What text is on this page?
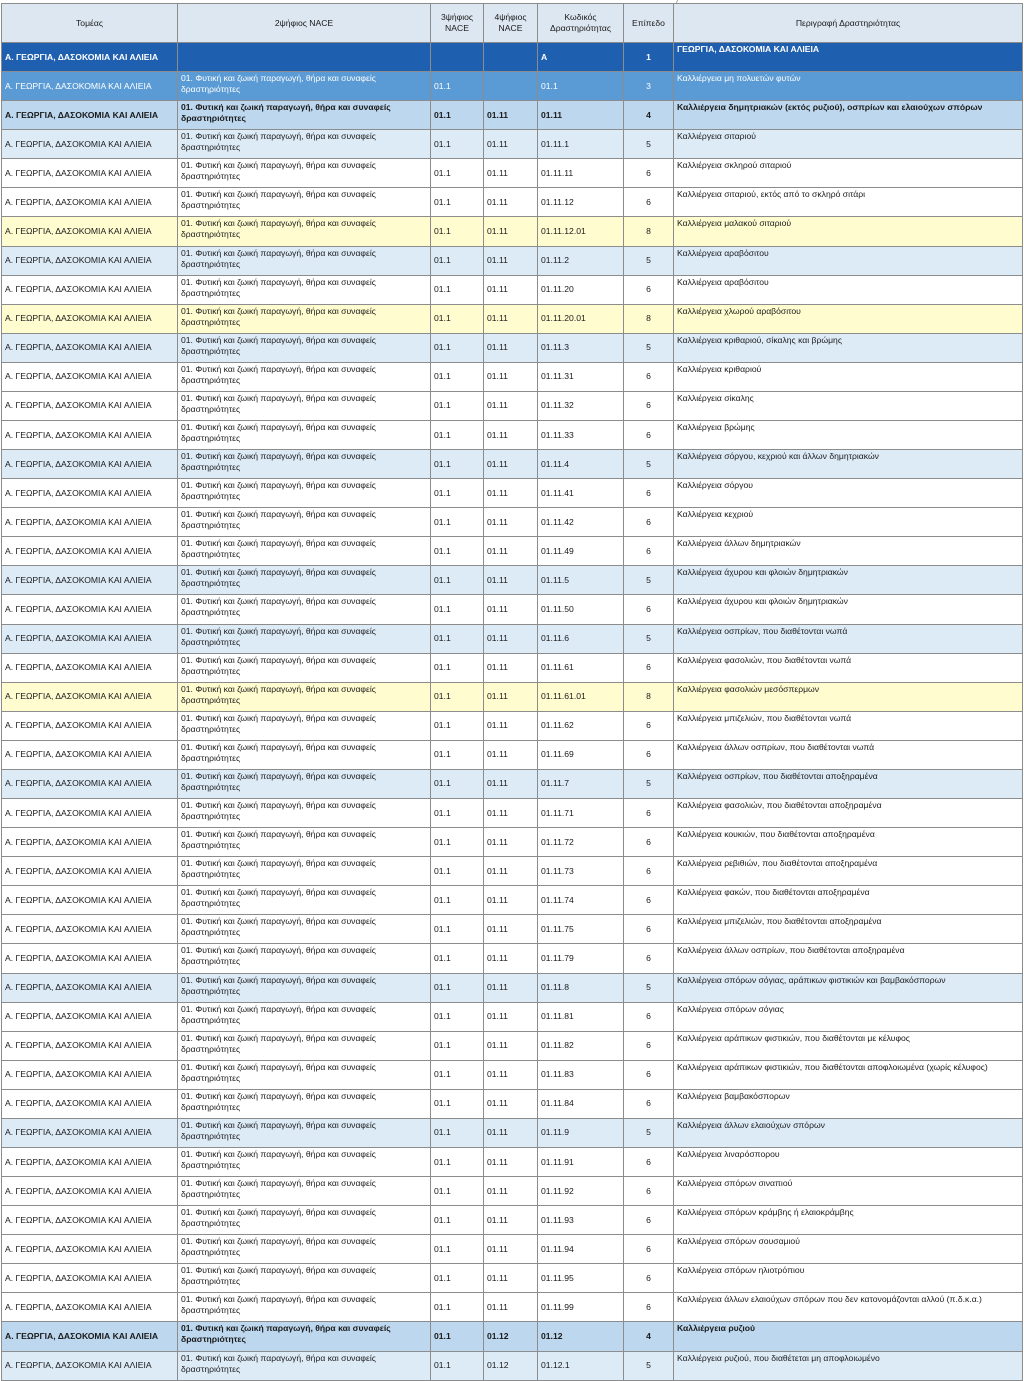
Τομέας	2ψήφιος NACE	3ψήφιος NACE	4ψήφιος NACE	Κωδικός Δραστηριότητας	Επίπεδο	Περιγραφή Δραστηριότητας
Α. ΓΕΩΡΓΙΑ, ΔΑΣΟΚΟΜΙΑ ΚΑΙ ΑΛΙΕΙΑ				A	1	ΓΕΩΡΓΙΑ, ΔΑΣΟΚΟΜΙΑ ΚΑΙ ΑΛΙΕΙΑ
Α. ΓΕΩΡΓΙΑ, ΔΑΣΟΚΟΜΙΑ ΚΑΙ ΑΛΙΕΙΑ	01. Φυτική και ζωική παραγωγή, θήρα και συναφείς δραστηριότητες	01.1		01.1	3	Καλλιέργεια μη πολυετών φυτών
Α. ΓΕΩΡΓΙΑ, ΔΑΣΟΚΟΜΙΑ ΚΑΙ ΑΛΙΕΙΑ	01. Φυτική και ζωική παραγωγή, θήρα και συναφείς δραστηριότητες	01.1	01.11	01.11	4	Καλλιέργεια δημητριακών (εκτός ρυζιού), οσπρίων και ελαιούχων σπόρων
Α. ΓΕΩΡΓΙΑ, ΔΑΣΟΚΟΜΙΑ ΚΑΙ ΑΛΙΕΙΑ	01. Φυτική και ζωική παραγωγή, θήρα και συναφείς δραστηριότητες	01.1	01.11	01.11.1	5	Καλλιέργεια σιταριού
Α. ΓΕΩΡΓΙΑ, ΔΑΣΟΚΟΜΙΑ ΚΑΙ ΑΛΙΕΙΑ	01. Φυτική και ζωική παραγωγή, θήρα και συναφείς δραστηριότητες	01.1	01.11	01.11.11	6	Καλλιέργεια σκληρού σιταριού
Α. ΓΕΩΡΓΙΑ, ΔΑΣΟΚΟΜΙΑ ΚΑΙ ΑΛΙΕΙΑ	01. Φυτική και ζωική παραγωγή, θήρα και συναφείς δραστηριότητες	01.1	01.11	01.11.12	6	Καλλιέργεια σιταριού, εκτός από το σκληρό σιτάρι
Α. ΓΕΩΡΓΙΑ, ΔΑΣΟΚΟΜΙΑ ΚΑΙ ΑΛΙΕΙΑ	01. Φυτική και ζωική παραγωγή, θήρα και συναφείς δραστηριότητες	01.1	01.11	01.11.12.01	8	Καλλιέργεια μαλακού σιταριού
Α. ΓΕΩΡΓΙΑ, ΔΑΣΟΚΟΜΙΑ ΚΑΙ ΑΛΙΕΙΑ	01. Φυτική και ζωική παραγωγή, θήρα και συναφείς δραστηριότητες	01.1	01.11	01.11.2	5	Καλλιέργεια αραβόσιτου
Α. ΓΕΩΡΓΙΑ, ΔΑΣΟΚΟΜΙΑ ΚΑΙ ΑΛΙΕΙΑ	01. Φυτική και ζωική παραγωγή, θήρα και συναφείς δραστηριότητες	01.1	01.11	01.11.20	6	Καλλιέργεια αραβόσιτου
Α. ΓΕΩΡΓΙΑ, ΔΑΣΟΚΟΜΙΑ ΚΑΙ ΑΛΙΕΙΑ	01. Φυτική και ζωική παραγωγή, θήρα και συναφείς δραστηριότητες	01.1	01.11	01.11.20.01	8	Καλλιέργεια χλωρού αραβόσιτου
Α. ΓΕΩΡΓΙΑ, ΔΑΣΟΚΟΜΙΑ ΚΑΙ ΑΛΙΕΙΑ	01. Φυτική και ζωική παραγωγή, θήρα και συναφείς δραστηριότητες	01.1	01.11	01.11.3	5	Καλλιέργεια κριθαριού, σίκαλης και βρώμης
Α. ΓΕΩΡΓΙΑ, ΔΑΣΟΚΟΜΙΑ ΚΑΙ ΑΛΙΕΙΑ	01. Φυτική και ζωική παραγωγή, θήρα και συναφείς δραστηριότητες	01.1	01.11	01.11.31	6	Καλλιέργεια κριθαριού
Α. ΓΕΩΡΓΙΑ, ΔΑΣΟΚΟΜΙΑ ΚΑΙ ΑΛΙΕΙΑ	01. Φυτική και ζωική παραγωγή, θήρα και συναφείς δραστηριότητες	01.1	01.11	01.11.32	6	Καλλιέργεια σίκαλης
Α. ΓΕΩΡΓΙΑ, ΔΑΣΟΚΟΜΙΑ ΚΑΙ ΑΛΙΕΙΑ	01. Φυτική και ζωική παραγωγή, θήρα και συναφείς δραστηριότητες	01.1	01.11	01.11.33	6	Καλλιέργεια βρώμης
Α. ΓΕΩΡΓΙΑ, ΔΑΣΟΚΟΜΙΑ ΚΑΙ ΑΛΙΕΙΑ	01. Φυτική και ζωική παραγωγή, θήρα και συναφείς δραστηριότητες	01.1	01.11	01.11.4	5	Καλλιέργεια σόργου, κεχριού και άλλων δημητριακών
Α. ΓΕΩΡΓΙΑ, ΔΑΣΟΚΟΜΙΑ ΚΑΙ ΑΛΙΕΙΑ	01. Φυτική και ζωική παραγωγή, θήρα και συναφείς δραστηριότητες	01.1	01.11	01.11.41	6	Καλλιέργεια σόργου
Α. ΓΕΩΡΓΙΑ, ΔΑΣΟΚΟΜΙΑ ΚΑΙ ΑΛΙΕΙΑ	01. Φυτική και ζωική παραγωγή, θήρα και συναφείς δραστηριότητες	01.1	01.11	01.11.42	6	Καλλιέργεια κεχριού
Α. ΓΕΩΡΓΙΑ, ΔΑΣΟΚΟΜΙΑ ΚΑΙ ΑΛΙΕΙΑ	01. Φυτική και ζωική παραγωγή, θήρα και συναφείς δραστηριότητες	01.1	01.11	01.11.49	6	Καλλιέργεια άλλων δημητριακών
Α. ΓΕΩΡΓΙΑ, ΔΑΣΟΚΟΜΙΑ ΚΑΙ ΑΛΙΕΙΑ	01. Φυτική και ζωική παραγωγή, θήρα και συναφείς δραστηριότητες	01.1	01.11	01.11.5	5	Καλλιέργεια άχυρου και φλοιών δημητριακών
Α. ΓΕΩΡΓΙΑ, ΔΑΣΟΚΟΜΙΑ ΚΑΙ ΑΛΙΕΙΑ	01. Φυτική και ζωική παραγωγή, θήρα και συναφείς δραστηριότητες	01.1	01.11	01.11.50	6	Καλλιέργεια άχυρου και φλοιών δημητριακών
Α. ΓΕΩΡΓΙΑ, ΔΑΣΟΚΟΜΙΑ ΚΑΙ ΑΛΙΕΙΑ	01. Φυτική και ζωική παραγωγή, θήρα και συναφείς δραστηριότητες	01.1	01.11	01.11.6	5	Καλλιέργεια οσπρίων, που διαθέτονται νωπά
Α. ΓΕΩΡΓΙΑ, ΔΑΣΟΚΟΜΙΑ ΚΑΙ ΑΛΙΕΙΑ	01. Φυτική και ζωική παραγωγή, θήρα και συναφείς δραστηριότητες	01.1	01.11	01.11.61	6	Καλλιέργεια φασολιών, που διαθέτονται νωπά
Α. ΓΕΩΡΓΙΑ, ΔΑΣΟΚΟΜΙΑ ΚΑΙ ΑΛΙΕΙΑ	01. Φυτική και ζωική παραγωγή, θήρα και συναφείς δραστηριότητες	01.1	01.11	01.11.61.01	8	Καλλιέργεια φασολιών μεσόσπερμων
Α. ΓΕΩΡΓΙΑ, ΔΑΣΟΚΟΜΙΑ ΚΑΙ ΑΛΙΕΙΑ	01. Φυτική και ζωική παραγωγή, θήρα και συναφείς δραστηριότητες	01.1	01.11	01.11.62	6	Καλλιέργεια μπιζελιών, που διαθέτονται νωπά
Α. ΓΕΩΡΓΙΑ, ΔΑΣΟΚΟΜΙΑ ΚΑΙ ΑΛΙΕΙΑ	01. Φυτική και ζωική παραγωγή, θήρα και συναφείς δραστηριότητες	01.1	01.11	01.11.69	6	Καλλιέργεια άλλων οσπρίων, που διαθέτονται νωπά
Α. ΓΕΩΡΓΙΑ, ΔΑΣΟΚΟΜΙΑ ΚΑΙ ΑΛΙΕΙΑ	01. Φυτική και ζωική παραγωγή, θήρα και συναφείς δραστηριότητες	01.1	01.11	01.11.7	5	Καλλιέργεια οσπρίων, που διαθέτονται αποξηραμένα
Α. ΓΕΩΡΓΙΑ, ΔΑΣΟΚΟΜΙΑ ΚΑΙ ΑΛΙΕΙΑ	01. Φυτική και ζωική παραγωγή, θήρα και συναφείς δραστηριότητες	01.1	01.11	01.11.71	6	Καλλιέργεια φασολιών, που διαθέτονται αποξηραμένα
Α. ΓΕΩΡΓΙΑ, ΔΑΣΟΚΟΜΙΑ ΚΑΙ ΑΛΙΕΙΑ	01. Φυτική και ζωική παραγωγή, θήρα και συναφείς δραστηριότητες	01.1	01.11	01.11.72	6	Καλλιέργεια κουκιών, που διαθέτονται αποξηραμένα
Α. ΓΕΩΡΓΙΑ, ΔΑΣΟΚΟΜΙΑ ΚΑΙ ΑΛΙΕΙΑ	01. Φυτική και ζωική παραγωγή, θήρα και συναφείς δραστηριότητες	01.1	01.11	01.11.73	6	Καλλιέργεια ρεβιθιών, που διαθέτονται αποξηραμένα
Α. ΓΕΩΡΓΙΑ, ΔΑΣΟΚΟΜΙΑ ΚΑΙ ΑΛΙΕΙΑ	01. Φυτική και ζωική παραγωγή, θήρα και συναφείς δραστηριότητες	01.1	01.11	01.11.74	6	Καλλιέργεια φακών, που διαθέτονται αποξηραμένα
Α. ΓΕΩΡΓΙΑ, ΔΑΣΟΚΟΜΙΑ ΚΑΙ ΑΛΙΕΙΑ	01. Φυτική και ζωική παραγωγή, θήρα και συναφείς δραστηριότητες	01.1	01.11	01.11.75	6	Καλλιέργεια μπιζελιών, που διαθέτονται αποξηραμένα
Α. ΓΕΩΡΓΙΑ, ΔΑΣΟΚΟΜΙΑ ΚΑΙ ΑΛΙΕΙΑ	01. Φυτική και ζωική παραγωγή, θήρα και συναφείς δραστηριότητες	01.1	01.11	01.11.79	6	Καλλιέργεια άλλων οσπρίων, που διαθέτονται αποξηραμένα
Α. ΓΕΩΡΓΙΑ, ΔΑΣΟΚΟΜΙΑ ΚΑΙ ΑΛΙΕΙΑ	01. Φυτική και ζωική παραγωγή, θήρα και συναφείς δραστηριότητες	01.1	01.11	01.11.8	5	Καλλιέργεια σπόρων σόγιας, αράπικων φιστικιών και βαμβακόσπορων
Α. ΓΕΩΡΓΙΑ, ΔΑΣΟΚΟΜΙΑ ΚΑΙ ΑΛΙΕΙΑ	01. Φυτική και ζωική παραγωγή, θήρα και συναφείς δραστηριότητες	01.1	01.11	01.11.81	6	Καλλιέργεια σπόρων σόγιας
Α. ΓΕΩΡΓΙΑ, ΔΑΣΟΚΟΜΙΑ ΚΑΙ ΑΛΙΕΙΑ	01. Φυτική και ζωική παραγωγή, θήρα και συναφείς δραστηριότητες	01.1	01.11	01.11.82	6	Καλλιέργεια αράπικων φιστικιών, που διαθέτονται με κέλυφος
Α. ΓΕΩΡΓΙΑ, ΔΑΣΟΚΟΜΙΑ ΚΑΙ ΑΛΙΕΙΑ	01. Φυτική και ζωική παραγωγή, θήρα και συναφείς δραστηριότητες	01.1	01.11	01.11.83	6	Καλλιέργεια αράπικων φιστικιών, που διαθέτονται αποφλοιωμένα (χωρίς κέλυφος)
Α. ΓΕΩΡΓΙΑ, ΔΑΣΟΚΟΜΙΑ ΚΑΙ ΑΛΙΕΙΑ	01. Φυτική και ζωική παραγωγή, θήρα και συναφείς δραστηριότητες	01.1	01.11	01.11.84	6	Καλλιέργεια βαμβακόσπορων
Α. ΓΕΩΡΓΙΑ, ΔΑΣΟΚΟΜΙΑ ΚΑΙ ΑΛΙΕΙΑ	01. Φυτική και ζωική παραγωγή, θήρα και συναφείς δραστηριότητες	01.1	01.11	01.11.9	5	Καλλιέργεια άλλων ελαιούχων σπόρων
Α. ΓΕΩΡΓΙΑ, ΔΑΣΟΚΟΜΙΑ ΚΑΙ ΑΛΙΕΙΑ	01. Φυτική και ζωική παραγωγή, θήρα και συναφείς δραστηριότητες	01.1	01.11	01.11.91	6	Καλλιέργεια λιναρόσπορου
Α. ΓΕΩΡΓΙΑ, ΔΑΣΟΚΟΜΙΑ ΚΑΙ ΑΛΙΕΙΑ	01. Φυτική και ζωική παραγωγή, θήρα και συναφείς δραστηριότητες	01.1	01.11	01.11.92	6	Καλλιέργεια σπόρων σιναπιού
Α. ΓΕΩΡΓΙΑ, ΔΑΣΟΚΟΜΙΑ ΚΑΙ ΑΛΙΕΙΑ	01. Φυτική και ζωική παραγωγή, θήρα και συναφείς δραστηριότητες	01.1	01.11	01.11.93	6	Καλλιέργεια σπόρων κράμβης ή ελαιοκράμβης
Α. ΓΕΩΡΓΙΑ, ΔΑΣΟΚΟΜΙΑ ΚΑΙ ΑΛΙΕΙΑ	01. Φυτική και ζωική παραγωγή, θήρα και συναφείς δραστηριότητες	01.1	01.11	01.11.94	6	Καλλιέργεια σπόρων σουσαμιού
Α. ΓΕΩΡΓΙΑ, ΔΑΣΟΚΟΜΙΑ ΚΑΙ ΑΛΙΕΙΑ	01. Φυτική και ζωική παραγωγή, θήρα και συναφείς δραστηριότητες	01.1	01.11	01.11.95	6	Καλλιέργεια σπόρων ηλιοτρόπιου
Α. ΓΕΩΡΓΙΑ, ΔΑΣΟΚΟΜΙΑ ΚΑΙ ΑΛΙΕΙΑ	01. Φυτική και ζωική παραγωγή, θήρα και συναφείς δραστηριότητες	01.1	01.11	01.11.99	6	Καλλιέργεια άλλων ελαιούχων σπόρων που δεν κατονομάζονται αλλού (π.δ.κ.α.)
Α. ΓΕΩΡΓΙΑ, ΔΑΣΟΚΟΜΙΑ ΚΑΙ ΑΛΙΕΙΑ	01. Φυτική και ζωική παραγωγή, θήρα και συναφείς δραστηριότητες	01.1	01.12	01.12	4	Καλλιέργεια ρυζιού
Α. ΓΕΩΡΓΙΑ, ΔΑΣΟΚΟΜΙΑ ΚΑΙ ΑΛΙΕΙΑ	01. Φυτική και ζωική παραγωγή, θήρα και συναφείς δραστηριότητες	01.1	01.12	01.12.1	5	Καλλιέργεια ρυζιού, που διαθέτεται μη αποφλοιωμένο
